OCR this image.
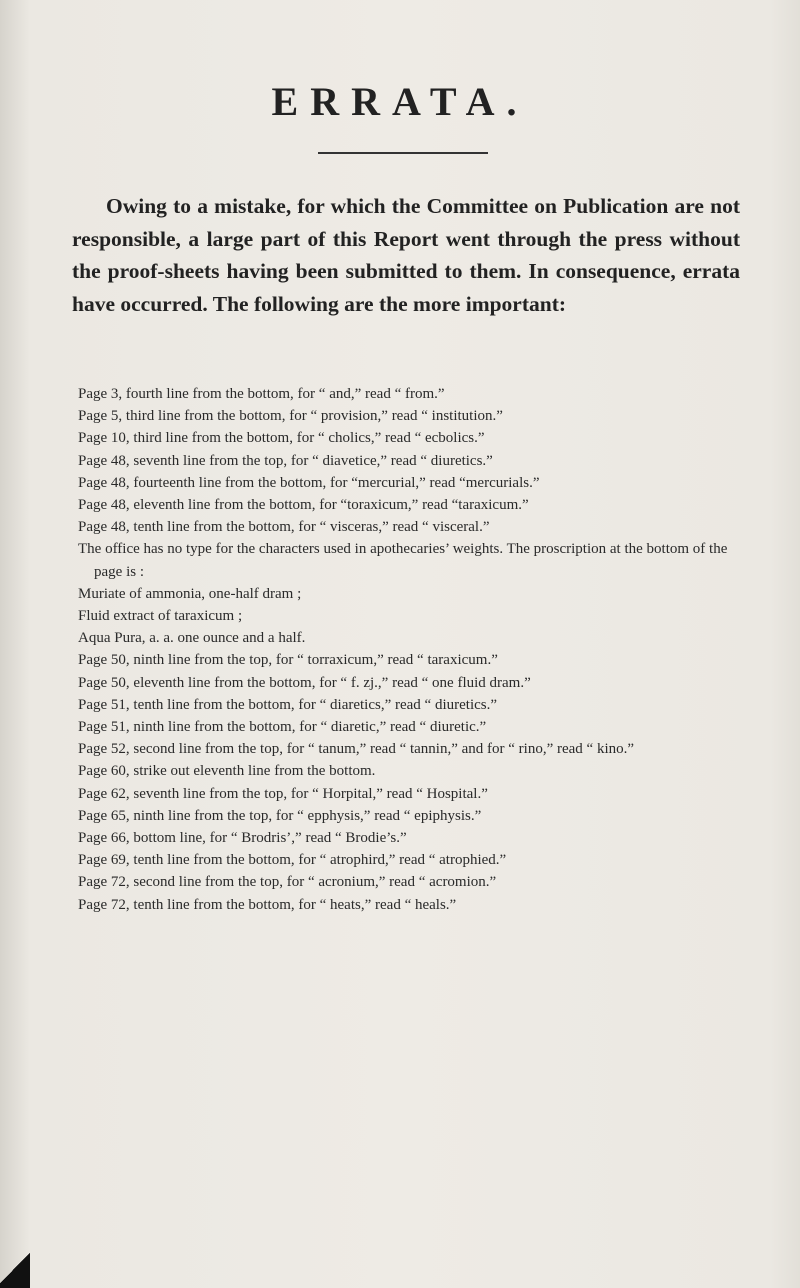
ERRATA.

Owing to a mistake, for which the Committee on Publication are not responsible, a large part of this Report went through the press without the proof-sheets having been submitted to them. In consequence, errata have occurred. The following are the more important:

Page 3, fourth line from the bottom, for “ and,” read “ from.”

Page 5, third line from the bottom, for “ provision,” read “ institution.”

Page 10, third line from the bottom, for “ cholics,” read “ ecbolics.”

Page 48, seventh line from the top, for “ diavetice,” read “ diuretics.”

Page 48, fourteenth line from the bottom, for “mercurial,” read “mercurials.”

Page 48, eleventh line from the bottom, for “toraxicum,” read “taraxicum.”

Page 48, tenth line from the bottom, for “ visceras,” read “ visceral.”

The office has no type for the characters used in apothecaries’ weights. The proscription at the bottom of the page is :

Muriate of ammonia, one-half dram ;

Fluid extract of taraxicum ;

Aqua Pura, a. a. one ounce and a half.

Page 50, ninth line from the top, for “ torraxicum,” read “ taraxicum.”

Page 50, eleventh line from the bottom, for “ f. zj.,” read “ one fluid dram.”

Page 51, tenth line from the bottom, for “ diaretics,” read “ diuretics.”

Page 51, ninth line from the bottom, for “ diaretic,” read “ diuretic.”

Page 52, second line from the top, for “ tanum,” read “ tannin,” and for “ rino,” read “ kino.”

Page 60, strike out eleventh line from the bottom.

Page 62, seventh line from the top, for “ Horpital,” read “ Hospital.”

Page 65, ninth line from the top, for “ epphysis,” read “ epiphysis.”

Page 66, bottom line, for “ Brodris’,” read “ Brodie’s.”

Page 69, tenth line from the bottom, for “ atrophird,” read “ atrophied.”

Page 72, second line from the top, for “ acronium,” read “ acromion.”

Page 72, tenth line from the bottom, for “ heats,” read “ heals.”
